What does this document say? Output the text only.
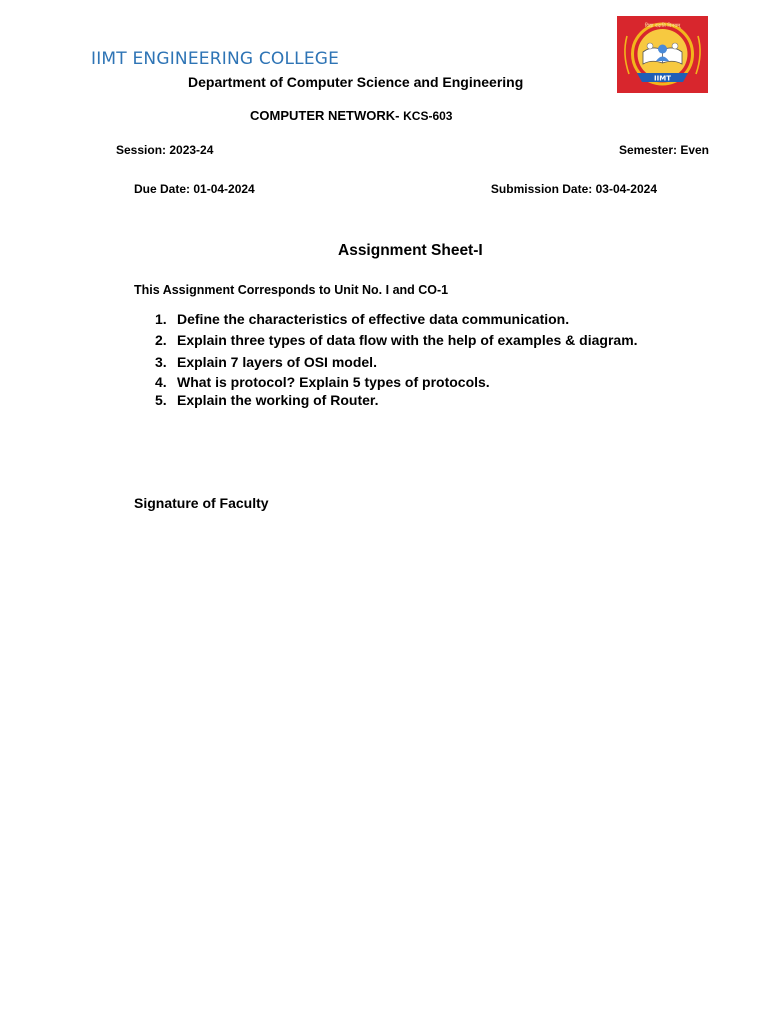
IIMT ENGINEERING COLLEGE
IIMT
विद्या ददाति विनयम्
Department of Computer Science and Engineering
COMPUTER NETWORK- KCS-603
Session: 2023-24	Semester: Even
Due Date: 01-04-2024	Submission Date: 03-04-2024
Assignment Sheet-I
This Assignment Corresponds to Unit No. I and CO-1
1. Define the characteristics of effective data communication.
2. Explain three types of data flow with the help of examples & diagram.
3. Explain 7 layers of OSI model.
4. What is protocol? Explain 5 types of protocols.
5. Explain the working of Router.
Signature of Faculty
